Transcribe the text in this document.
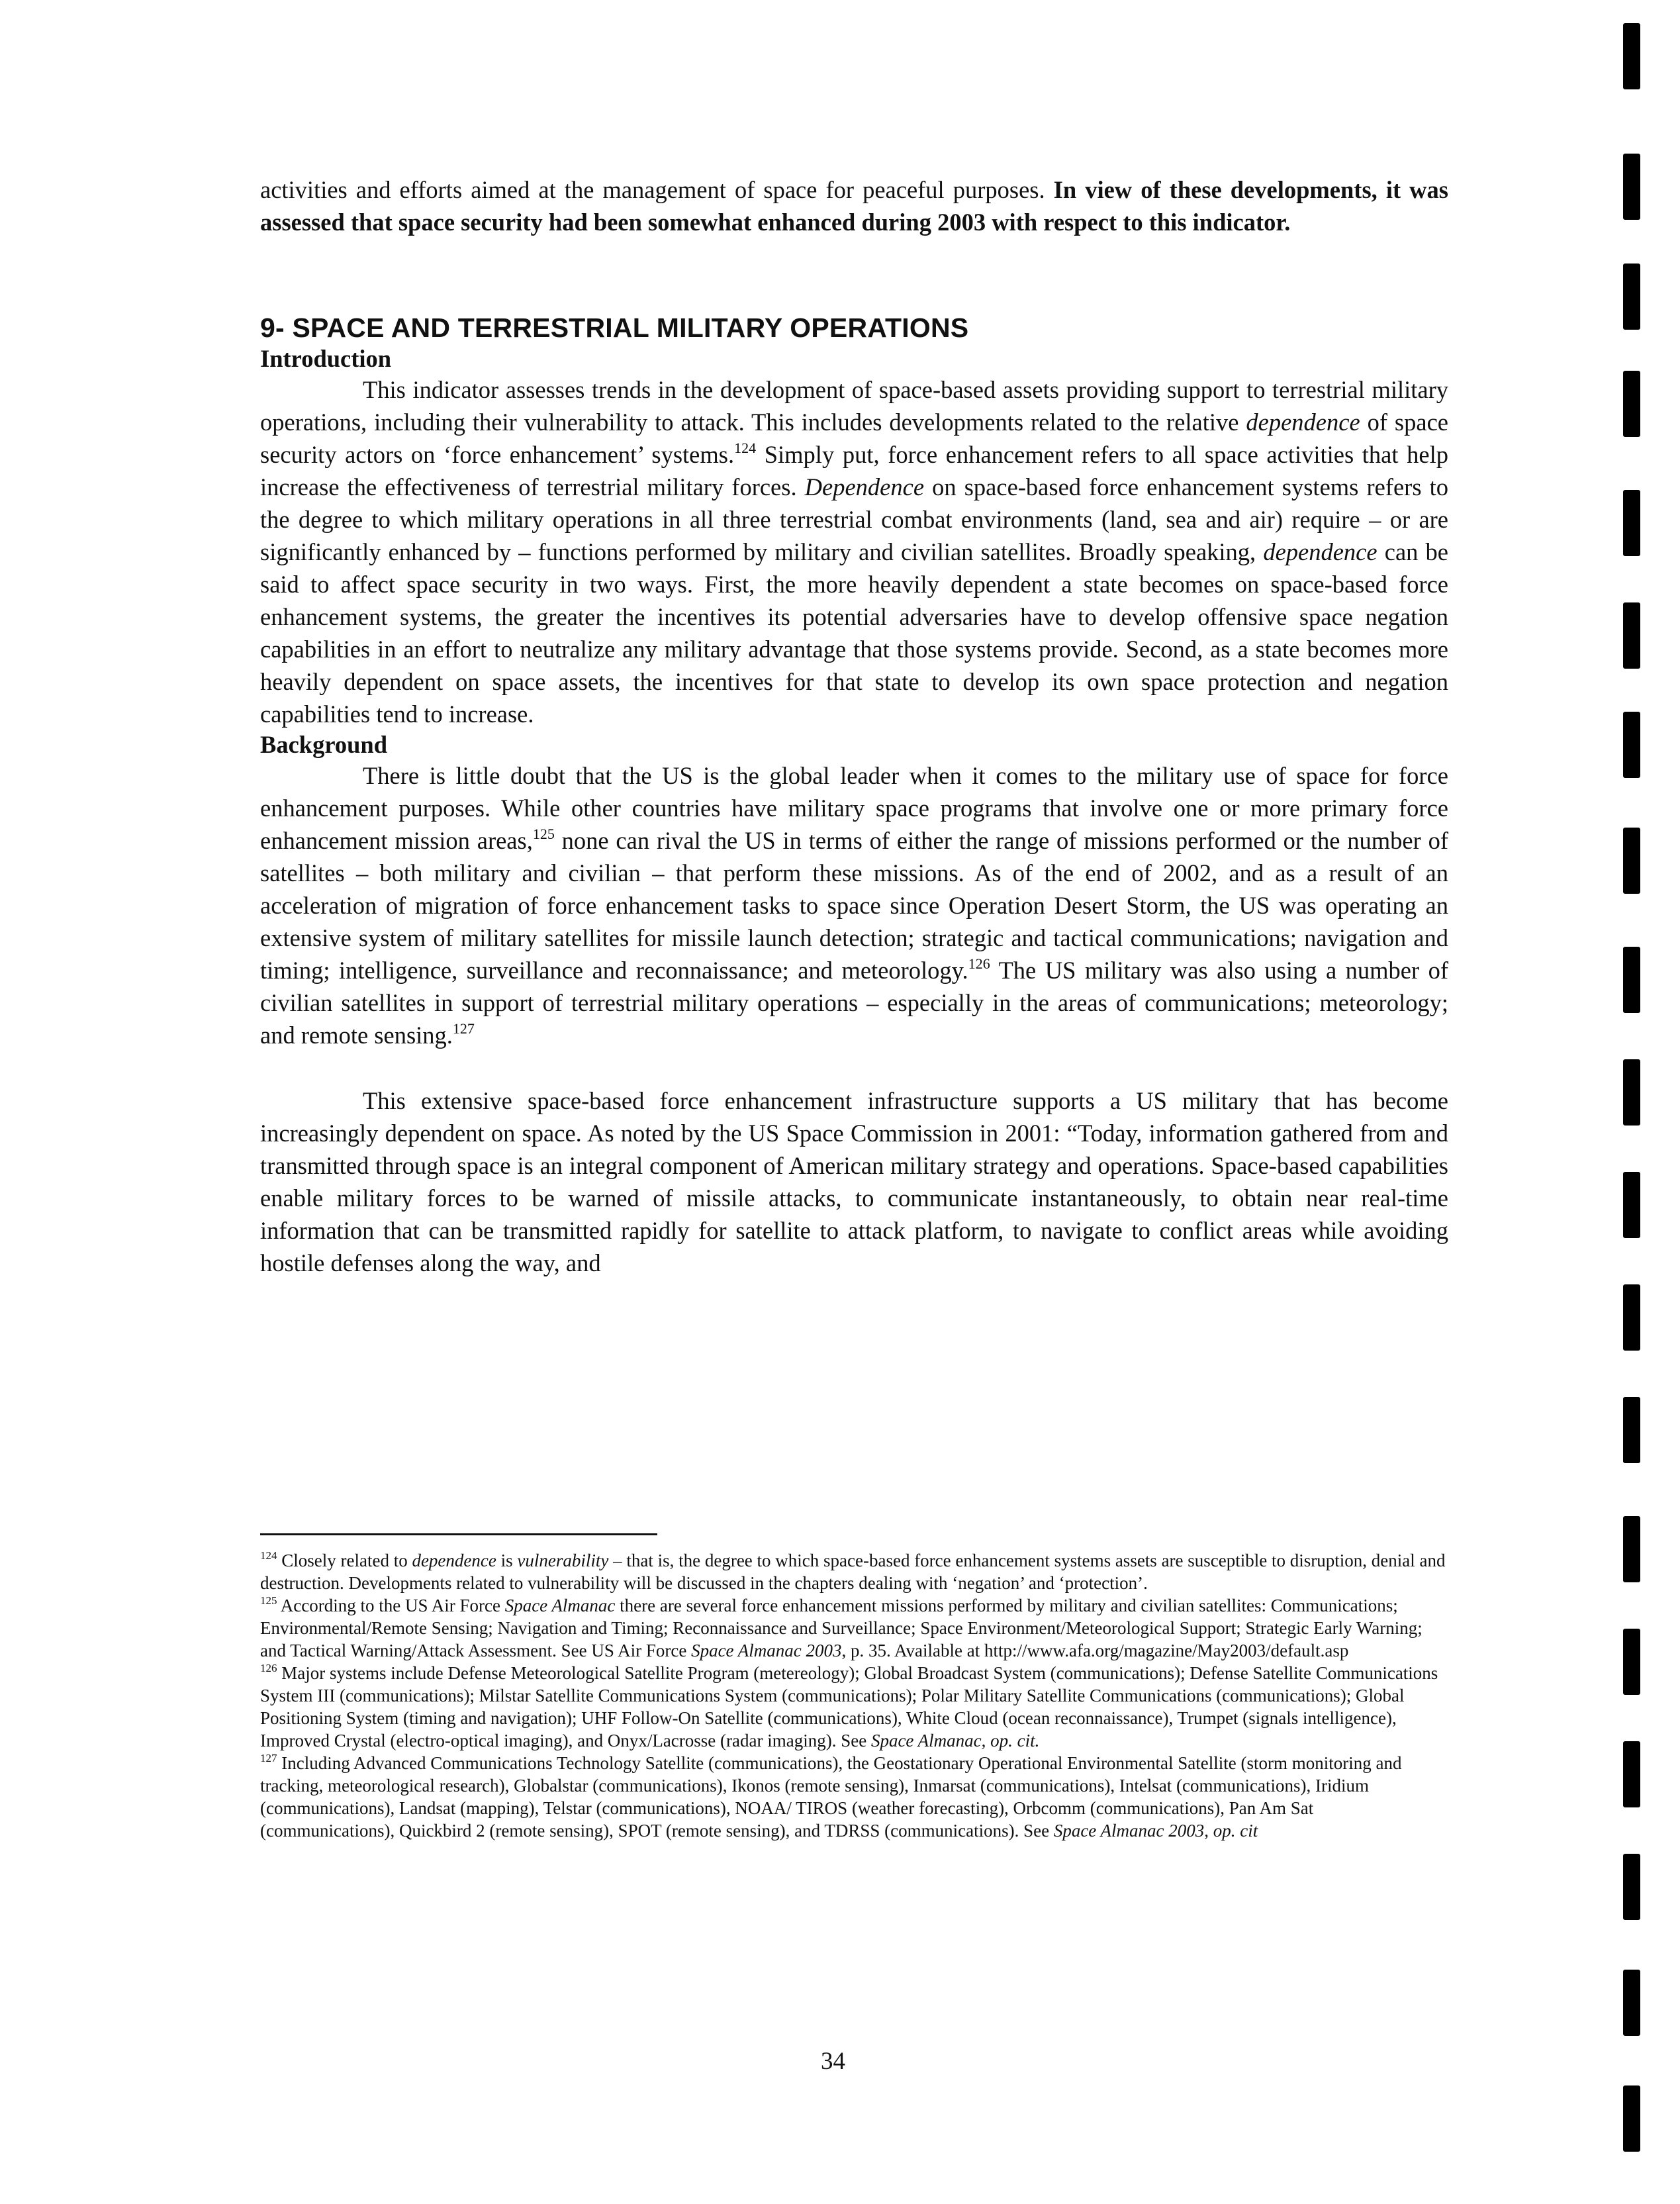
activities and efforts aimed at the management of space for peaceful purposes. In view of these developments, it was assessed that space security had been somewhat enhanced during 2003 with respect to this indicator.

9- SPACE AND TERRESTRIAL MILITARY OPERATIONS

Introduction

This indicator assesses trends in the development of space-based assets providing support to terrestrial military operations, including their vulnerability to attack. This includes developments related to the relative dependence of space security actors on ‘force enhancement’ systems.$^{124}$ Simply put, force enhancement refers to all space activities that help increase the effectiveness of terrestrial military forces. Dependence on space-based force enhancement systems refers to the degree to which military operations in all three terrestrial combat environments (land, sea and air) require – or are significantly enhanced by – functions performed by military and civilian satellites. Broadly speaking, dependence can be said to affect space security in two ways. First, the more heavily dependent a state becomes on space-based force enhancement systems, the greater the incentives its potential adversaries have to develop offensive space negation capabilities in an effort to neutralize any military advantage that those systems provide. Second, as a state becomes more heavily dependent on space assets, the incentives for that state to develop its own space protection and negation capabilities tend to increase.

Background

There is little doubt that the US is the global leader when it comes to the military use of space for force enhancement purposes. While other countries have military space programs that involve one or more primary force enhancement mission areas,$^{125}$ none can rival the US in terms of either the range of missions performed or the number of satellites – both military and civilian – that perform these missions. As of the end of 2002, and as a result of an acceleration of migration of force enhancement tasks to space since Operation Desert Storm, the US was operating an extensive system of military satellites for missile launch detection; strategic and tactical communications; navigation and timing; intelligence, surveillance and reconnaissance; and meteorology.$^{126}$ The US military was also using a number of civilian satellites in support of terrestrial military operations – especially in the areas of communications; meteorology; and remote sensing.$^{127}$

This extensive space-based force enhancement infrastructure supports a US military that has become increasingly dependent on space. As noted by the US Space Commission in 2001: “Today, information gathered from and transmitted through space is an integral component of American military strategy and operations. Space-based capabilities enable military forces to be warned of missile attacks, to communicate instantaneously, to obtain near real-time information that can be transmitted rapidly for satellite to attack platform, to navigate to conflict areas while avoiding hostile defenses along the way, and

$^{124}$ Closely related to dependence is vulnerability – that is, the degree to which space-based force enhancement systems assets are susceptible to disruption, denial and destruction. Developments related to vulnerability will be discussed in the chapters dealing with ‘negation’ and ‘protection’.

$^{125}$ According to the US Air Force Space Almanac there are several force enhancement missions performed by military and civilian satellites: Communications; Environmental/Remote Sensing; Navigation and Timing; Reconnaissance and Surveillance; Space Environment/Meteorological Support; Strategic Early Warning; and Tactical Warning/Attack Assessment. See US Air Force Space Almanac 2003, p. 35. Available at http://www.afa.org/magazine/May2003/default.asp

$^{126}$ Major systems include Defense Meteorological Satellite Program (metereology); Global Broadcast System (communications); Defense Satellite Communications System III (communications); Milstar Satellite Communications System (communications); Polar Military Satellite Communications (communications); Global Positioning System (timing and navigation); UHF Follow-On Satellite (communications), White Cloud (ocean reconnaissance), Trumpet (signals intelligence), Improved Crystal (electro-optical imaging), and Onyx/Lacrosse (radar imaging). See Space Almanac, op. cit.

$^{127}$ Including Advanced Communications Technology Satellite (communications), the Geostationary Operational Environmental Satellite (storm monitoring and tracking, meteorological research), Globalstar (communications), Ikonos (remote sensing), Inmarsat (communications), Intelsat (communications), Iridium (communications), Landsat (mapping), Telstar (communications), NOAA/ TIROS (weather forecasting), Orbcomm (communications), Pan Am Sat (communications), Quickbird 2 (remote sensing), SPOT (remote sensing), and TDRSS (communications). See Space Almanac 2003, op. cit

34
